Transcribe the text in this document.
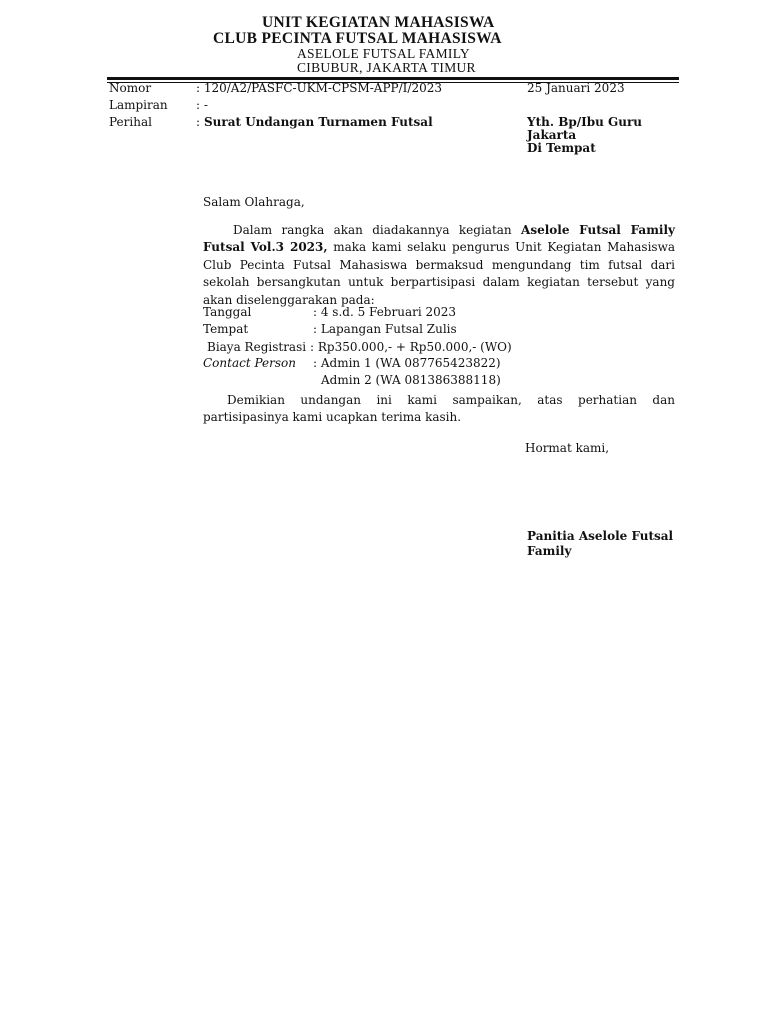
UNIT KEGIATAN MAHASISWA
CLUB PECINTA FUTSAL MAHASISWA
ASELOLE FUTSAL FAMILY
CIBUBUR, JAKARTA TIMUR
Nomor	: 120/A2/PASFC-UKM-CPSM-APP/I/2023	25 Januari 2023
Lampiran : -
Perihal	: Surat Undangan Turnamen Futsal	Yth. Bp/Ibu Guru
Jakarta
Di Tempat
Salam Olahraga,

Dalam rangka akan diadakannya kegiatan Aselole Futsal Family Futsal Vol.3 2023, maka kami selaku pengurus Unit Kegiatan Mahasiswa Club Pecinta Futsal Mahasiswa bermaksud mengundang tim futsal dari sekolah bersangkutan untuk berpartisipasi dalam kegiatan tersebut yang akan diselenggarakan pada:

Tanggal	: 4 s.d. 5 Februari 2023
Tempat	: Lapangan Futsal Zulis
Biaya Registrasi : Rp350.000,- + Rp50.000,- (WO)
Contact Person : Admin 1 (WA 087765423822)
Admin 2 (WA 081386388118)

Demikian undangan ini kami sampaikan, atas perhatian dan partisipasinya kami ucapkan terima kasih.

Hormat kami,
Panitia Aselole Futsal
Family
